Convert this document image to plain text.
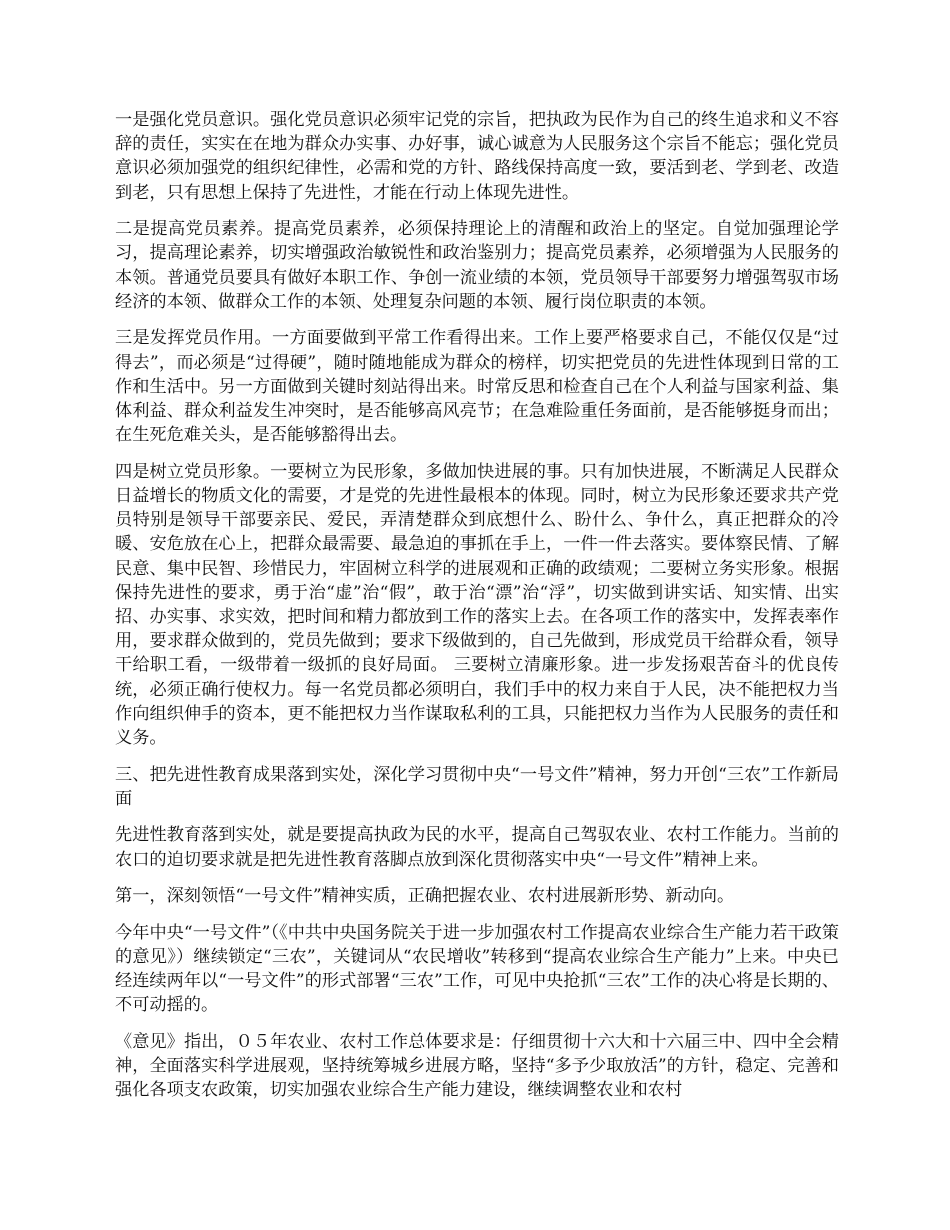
一是强化党员意识。强化党员意识必须牢记党的宗旨，把执政为民作为自己的终生追求和义不容辞的责任，实实在在地为群众办实事、办好事，诚心诚意为人民服务这个宗旨不能忘；强化党员意识必须加强党的组织纪律性，必需和党的方针、路线保持高度一致，要活到老、学到老、改造到老，只有思想上保持了先进性，才能在行动上体现先进性。

二是提高党员素养。提高党员素养，必须保持理论上的清醒和政治上的坚定。自觉加强理论学习，提高理论素养，切实增强政治敏锐性和政治鉴别力；提高党员素养，必须增强为人民服务的本领。普通党员要具有做好本职工作、争创一流业绩的本领，党员领导干部要努力增强驾驭市场经济的本领、做群众工作的本领、处理复杂问题的本领、履行岗位职责的本领。

三是发挥党员作用。一方面要做到平常工作看得出来。工作上要严格要求自己，不能仅仅是“过得去”，而必须是“过得硬”，随时随地能成为群众的榜样，切实把党员的先进性体现到日常的工作和生活中。另一方面做到关键时刻站得出来。时常反思和检查自己在个人利益与国家利益、集体利益、群众利益发生冲突时，是否能够高风亮节；在急难险重任务面前，是否能够挺身而出；在生死危难关头，是否能够豁得出去。

四是树立党员形象。一要树立为民形象，多做加快进展的事。只有加快进展，不断满足人民群众日益增长的物质文化的需要，才是党的先进性最根本的体现。同时，树立为民形象还要求共产党员特别是领导干部要亲民、爱民，弄清楚群众到底想什么、盼什么、争什么，真正把群众的冷暖、安危放在心上，把群众最需要、最急迫的事抓在手上，一件一件去落实。要体察民情、了解民意、集中民智、珍惜民力，牢固树立科学的进展观和正确的政绩观；二要树立务实形象。根据保持先进性的要求，勇于治“虚”治“假”，敢于治“漂”治“浮”，切实做到讲实话、知实情、出实招、办实事、求实效，把时间和精力都放到工作的落实上去。在各项工作的落实中，发挥表率作用，要求群众做到的，党员先做到；要求下级做到的，自己先做到，形成党员干给群众看，领导干给职工看，一级带着一级抓的良好局面。 三要树立清廉形象。进一步发扬艰苦奋斗的优良传统，必须正确行使权力。每一名党员都必须明白，我们手中的权力来自于人民，决不能把权力当作向组织伸手的资本，更不能把权力当作谋取私利的工具，只能把权力当作为人民服务的责任和义务。

三、把先进性教育成果落到实处，深化学习贯彻中央“一号文件”精神，努力开创“三农”工作新局面

先进性教育落到实处，就是要提高执政为民的水平，提高自己驾驭农业、农村工作能力。当前的农口的迫切要求就是把先进性教育落脚点放到深化贯彻落实中央“一号文件”精神上来。

第一，深刻领悟“一号文件”精神实质，正确把握农业、农村进展新形势、新动向。

今年中央“一号文件”（《中共中央国务院关于进一步加强农村工作提高农业综合生产能力若干政策的意见》）继续锁定“三农”，关键词从“农民增收”转移到“提高农业综合生产能力”上来。中央已经连续两年以“一号文件”的形式部署“三农”工作，可见中央抢抓“三农”工作的决心将是长期的、不可动摇的。

《意见》指出，０５年农业、农村工作总体要求是：仔细贯彻十六大和十六届三中、四中全会精神，全面落实科学进展观，坚持统筹城乡进展方略，坚持“多予少取放活”的方针，稳定、完善和强化各项支农政策，切实加强农业综合生产能力建设，继续调整农业和农村
